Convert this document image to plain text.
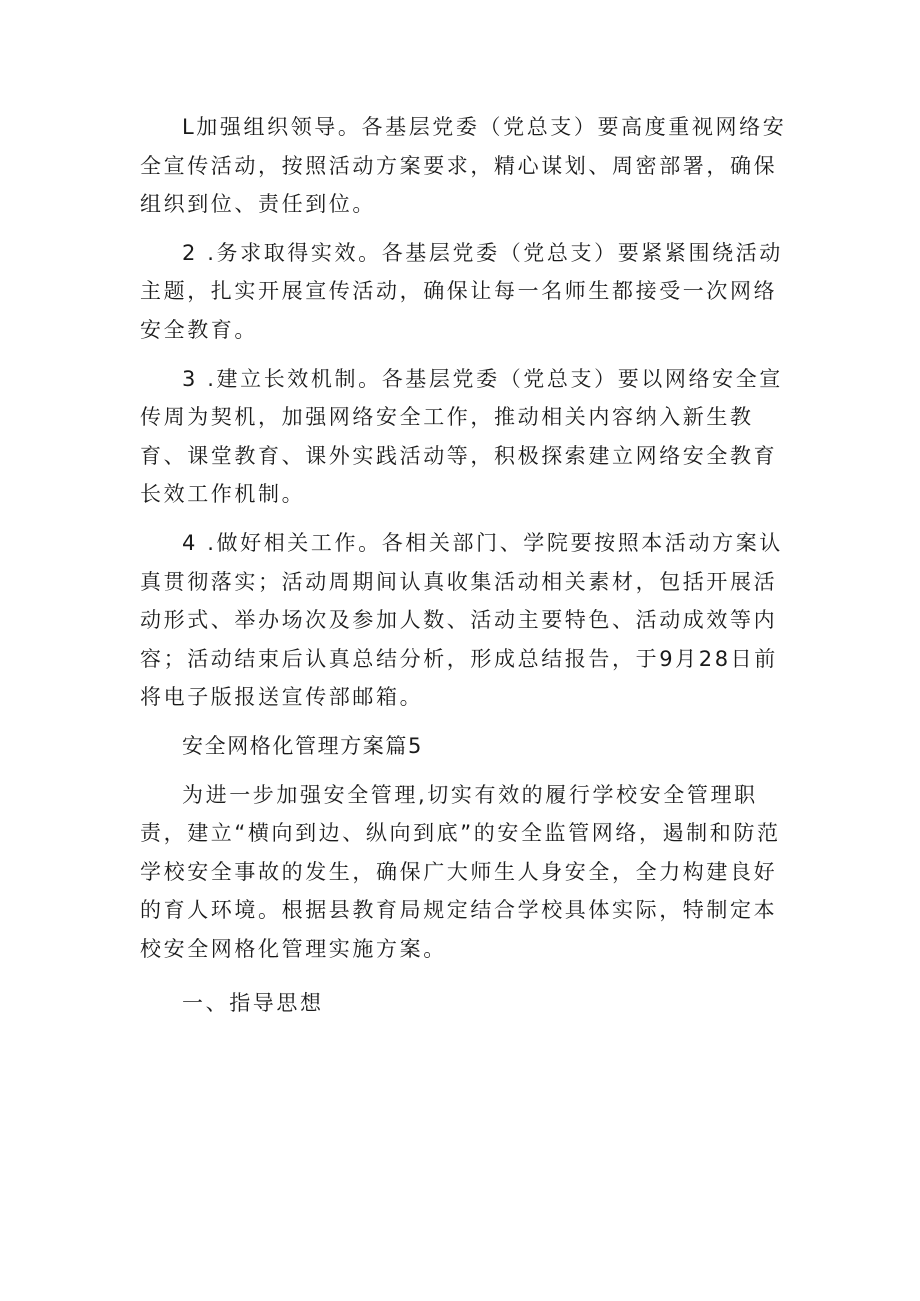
L加强组织领导。各基层党委（党总支）要高度重视网络安全宣传活动，按照活动方案要求，精心谋划、周密部署，确保组织到位、责任到位。

2 .务求取得实效。各基层党委（党总支）要紧紧围绕活动主题，扎实开展宣传活动，确保让每一名师生都接受一次网络安全教育。

3 .建立长效机制。各基层党委（党总支）要以网络安全宣传周为契机，加强网络安全工作，推动相关内容纳入新生教育、课堂教育、课外实践活动等，积极探索建立网络安全教育长效工作机制。

4 .做好相关工作。各相关部门、学院要按照本活动方案认真贯彻落实；活动周期间认真收集活动相关素材，包括开展活动形式、举办场次及参加人数、活动主要特色、活动成效等内容；活动结束后认真总结分析，形成总结报告，于9月28日前将电子版报送宣传部邮箱。

安全网格化管理方案篇5

为进一步加强安全管理,切实有效的履行学校安全管理职责，建立“横向到边、纵向到底”的安全监管网络，遏制和防范学校安全事故的发生，确保广大师生人身安全，全力构建良好的育人环境。根据县教育局规定结合学校具体实际，特制定本校安全网格化管理实施方案。

一、指导思想
